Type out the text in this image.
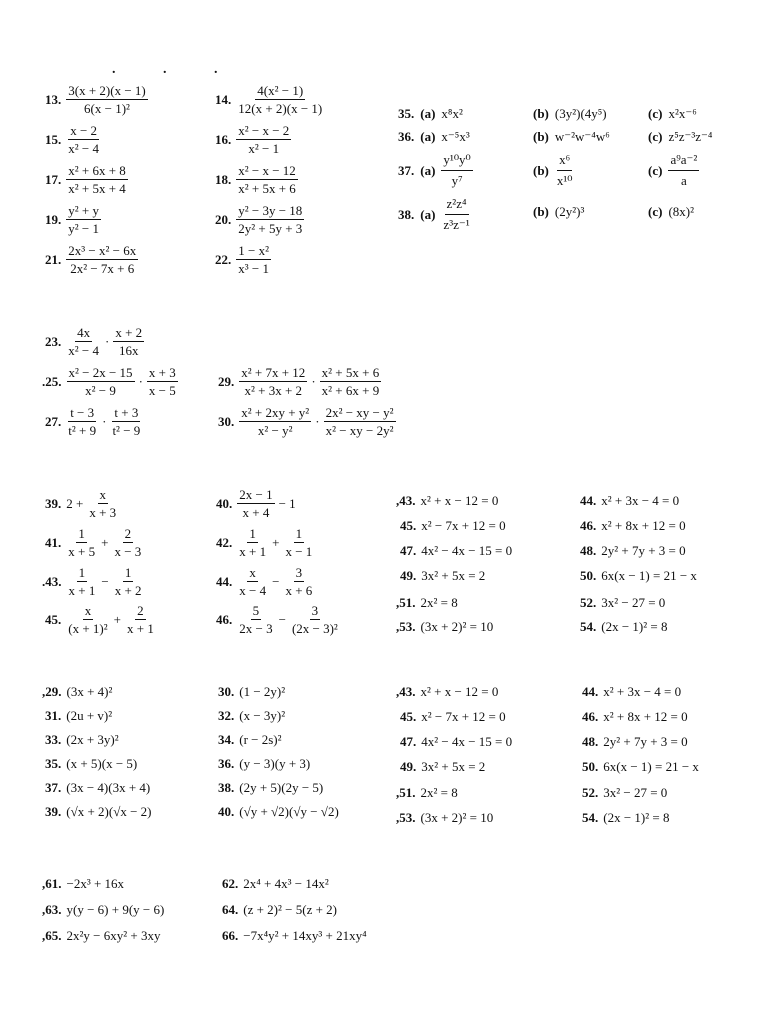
. . .
13. $\frac{3(x + 2)(x - 1)}{\text{6(x − 1)²}}$	14. $\frac{\text{4(x² − 1)}}{12(x + 2)(x - 1)}$
15. $\frac{x - 2}{\text{x² − 4}}$	16. $\frac{\text{x² − x − 2}}{\text{x² − 1}}$
17. $\frac{\text{x² + 6x + 8}}{\text{x² + 5x + 4}}$	18. $\frac{\text{x² − x − 12}}{\text{x² + 5x + 6}}$
19. $\frac{\text{y² + y}}{\text{y² − 1}}$	20. $\frac{\text{y² − 3y − 18}}{\text{2y² + 5y + 3}}$
21. $\frac{\text{2x³ − x² − 6x}}{\text{2x² − 7x + 6}}$	22. $\frac{\text{1 − x²}}{\text{x³ − 1}}$
35. (a) x⁸x²	(b) (3y²)(4y⁵)	(c) x²x⁻⁶
36. (a) x⁻⁵x³	(b) w⁻²w⁻⁴w⁶	(c) z⁵z⁻³z⁻⁴
37. $(a) \frac{\text{y¹⁰y⁰}}{\text{y⁷}}$	$(b) \frac{\text{x⁶}}{\text{x¹⁰}}$	$(c) \frac{\text{a⁹a⁻²}}{a}$
38. $(a) \frac{\text{z²z⁴}}{\text{z³z⁻¹}}$	(b) (2y²)³	(c) (8x)²
23. $\frac{4x}{\text{x² − 4}} \cdot \frac{x + 2}{16x}$
.25. $\frac{\text{x² − 2x − 15}}{\text{x² − 9}} \cdot \frac{x + 3}{x - 5}$
27. $\frac{t - 3}{\text{t² + 9}} \cdot \frac{t + 3}{\text{t² − 9}}$
29. $\frac{\text{x² + 7x + 12}}{\text{x² + 3x + 2}} \cdot \frac{\text{x² + 5x + 6}}{\text{x² + 6x + 9}}$
30. $\frac{\text{x² + 2xy + y²}}{\text{x² − y²}} \cdot \frac{\text{2x² − xy − y²}}{\text{x² − xy − 2y²}}$
39. $2 + \frac{x}{x + 3}$	40. $\frac{2x - 1}{x + 4} - 1$
41. $\frac{1}{x + 5} + \frac{2}{x - 3}$	42. $\frac{1}{x + 1} + \frac{1}{x - 1}$
.43. $\frac{1}{x + 1} - \frac{1}{x + 2}$	44. $\frac{x}{x - 4} - \frac{3}{x + 6}$
45. $\frac{x}{\text{(x + 1)²}} + \frac{2}{x + 1}$	46. $\frac{5}{2x - 3} - \frac{3}{\text{(2x − 3)²}}$
,43. x² + x − 12 = 0	44. x² + 3x − 4 = 0
45. x² − 7x + 12 = 0	46. x² + 8x + 12 = 0
47. 4x² − 4x − 15 = 0	48. 2y² + 7y + 3 = 0
49. 3x² + 5x = 2	50. 6x(x − 1) = 21 − x
,51. 2x² = 8	52. 3x² − 27 = 0
,53. (3x + 2)² = 10	54. (2x − 1)² = 8
,29. (3x + 4)²	30. (1 − 2y)²
31. (2u + v)²	32. (x − 3y)²
33. (2x + 3y)²	34. (r − 2s)²
35. (x + 5)(x − 5)	36. (y − 3)(y + 3)
37. (3x − 4)(3x + 4)	38. (2y + 5)(2y − 5)
39. (√x + 2)(√x − 2)	40. (√y + √2)(√y − √2)
,43. x² + x − 12 = 0	44. x² + 3x − 4 = 0
45. x² − 7x + 12 = 0	46. x² + 8x + 12 = 0
47. 4x² − 4x − 15 = 0	48. 2y² + 7y + 3 = 0
49. 3x² + 5x = 2	50. 6x(x − 1) = 21 − x
,51. 2x² = 8	52. 3x² − 27 = 0
,53. (3x + 2)² = 10	54. (2x − 1)² = 8
,61. −2x³ + 16x	62. 2x⁴ + 4x³ − 14x²
,63. y(y − 6) + 9(y − 6)	64. (z + 2)² − 5(z + 2)
,65. 2x²y − 6xy² + 3xy	66. −7x⁴y² + 14xy³ + 21xy⁴
